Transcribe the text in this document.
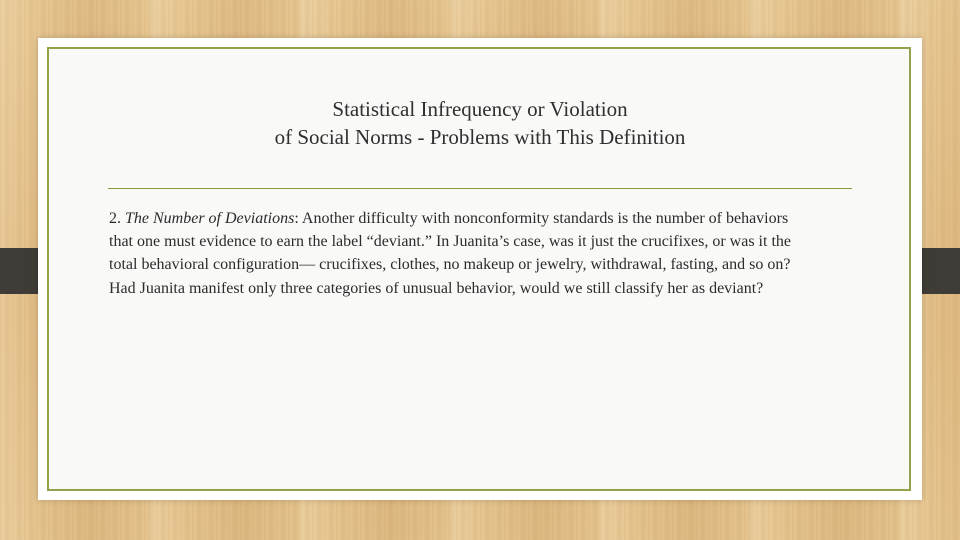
Statistical Infrequency or Violation
of Social Norms - Problems with This Definition
2. The Number of Deviations: Another difficulty with nonconformity standards is the number of behaviors that one must evidence to earn the label “deviant.” In Juanita’s case, was it just the crucifixes, or was it the total behavioral configuration— crucifixes, clothes, no makeup or jewelry, withdrawal, fasting, and so on? Had Juanita manifest only three categories of unusual behavior, would we still classify her as deviant?
